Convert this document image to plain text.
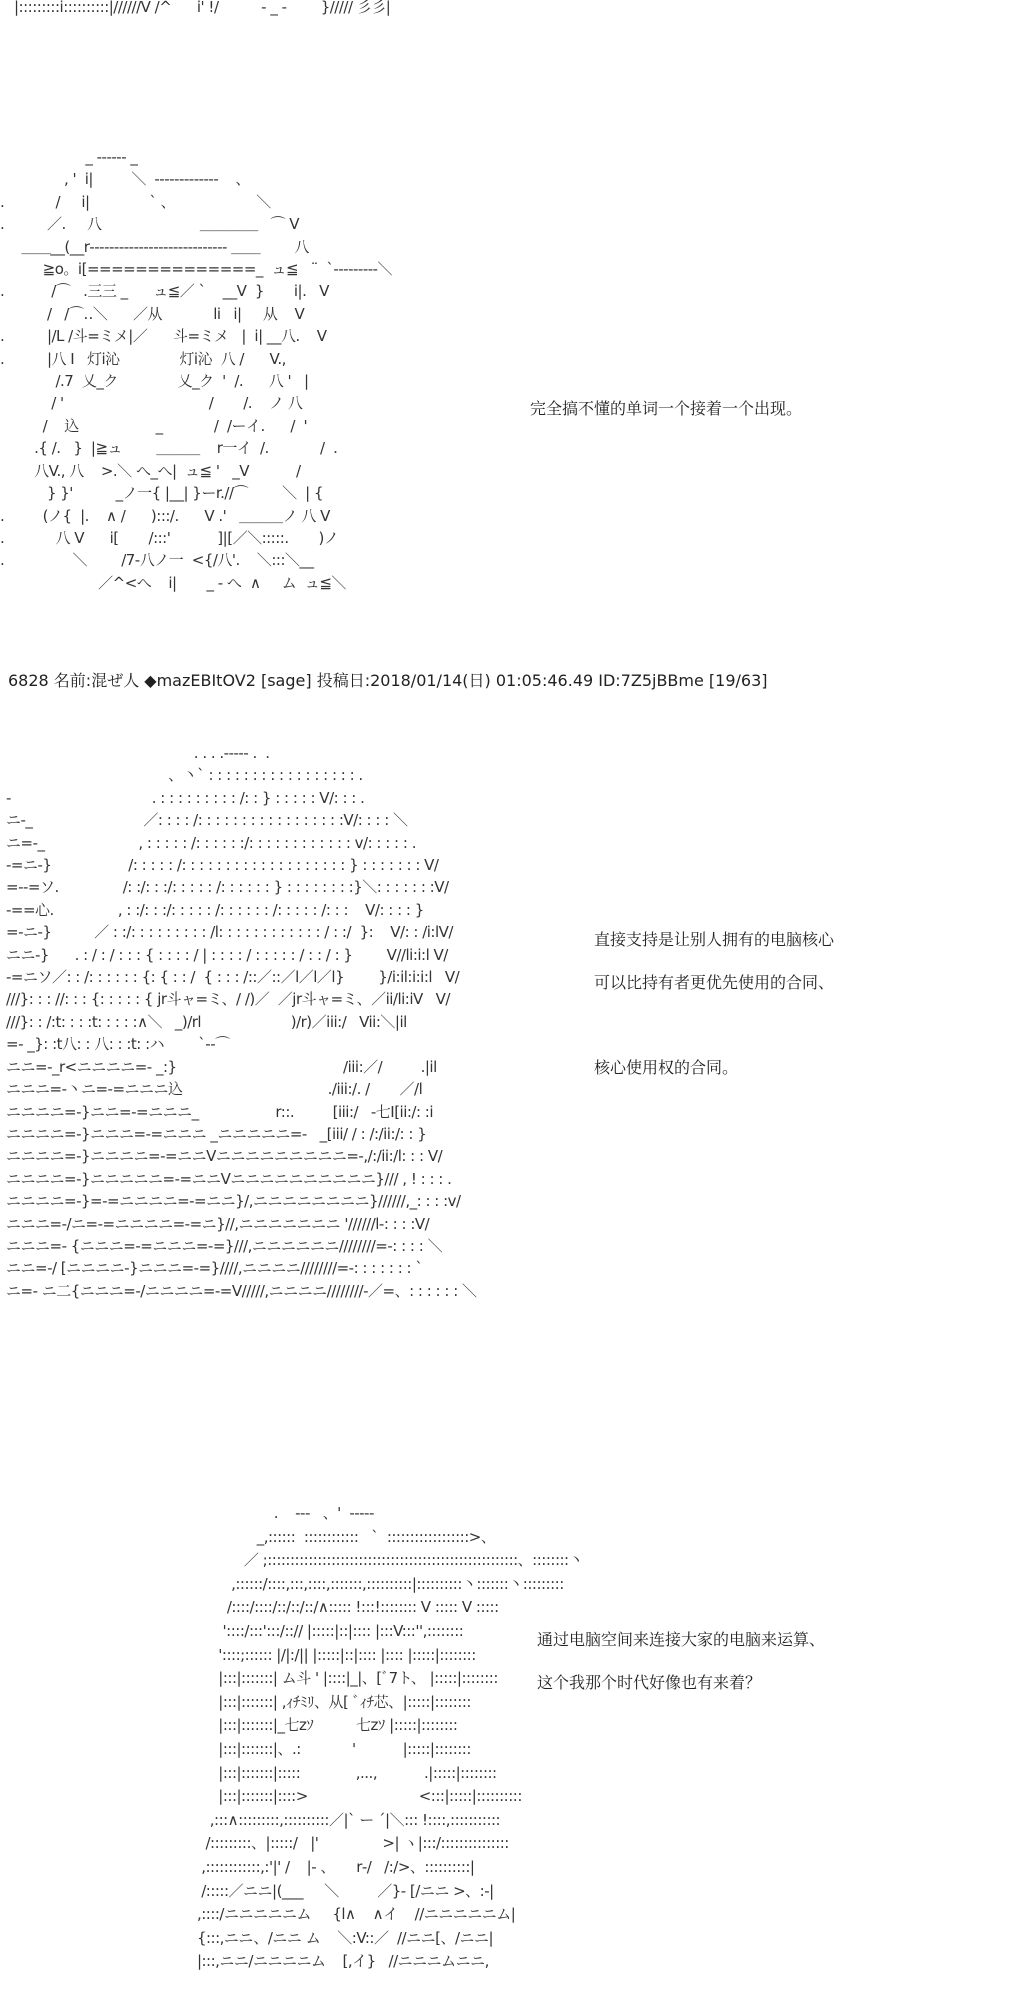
|:::::::::i::::::::::|//////V /^      i' !/          ‐ _ ‐        }///// 彡彡|
_ ‐‐‐‐‐‐ _
, '  i|         ＼  ‐‐‐‐‐‐‐‐‐‐‐‐-    、
.            /     i|              ` 、                   ＼
.          ／.     八                       ＿＿＿＿   ⌒ V
＿＿__(__r‐‐‐‐‐‐‐‐‐‐‐‐‐‐‐‐‐‐‐‐‐‐‐‐‐‐‐‐ ＿＿        八
≧o。i[==============_  ュ≦   ¨  `‐‐‐‐‐‐‐‐‐＼
.           /⌒   .三三 _      ュ≦／ `    __V  }       i|.   V
/   /⌒‥＼      ／从            li   i|     从    V
.          |/L /斗=ミメ|／      斗=ミメ   |  i| __八.    V
.          |八 I   灯i沁              灯i沁  八 /      V.,
/.7  乂_ク              乂_ク  '  /.      八 '   |
/ '                                  /       /.    ノ 八
/    込                  _            /  /ーイ.      /  '
.{ /.   }  |≧ュ        ＿＿＿    r一イ  /.            /  .
八V., 八    >.＼ へ_へ|  ュ≦ '   _V           /
} }'          _ノ一{ |__| }ーr.//⌒        ＼  | {
.         (ノ{  |.    ∧ /      ):::/.      V .'   ＿＿＿ノ 八 V
.            八 V      i[       /:::'           ]|[／＼:::::.       )ノ
.                ＼        /7-八ノ一  <{/八'.    ＼:::＼__
／^<へ    i|       _ ‐ へ  ∧     ム  ュ≦＼
完全搞不懂的单词一个接着一个出现。
6828 名前:混ぜ人 ◆mazEBItOV2 [sage] 投稿日:2018/01/14(日) 01:05:46.49 ID:7Z5jBBme [19/63]
. . . .‐‐‐‐- .  .
、丶` : : : : : : : : : : : : : : : : : .
‐                                 . : : : : : : : : : /: : } : : : : : V/: : : .
ニ‐_                          ／: : : : /: : : : : : : : : : : : : : : : :V/: : : : ＼
ニ=‐_                      , : : : : : /: : : : : :/: : : : : : : : : : : : v/: : : : : .
‐=ニ‐}                  /: : : : : /: : : : : : : : : : : : : : : : : : : } : : : : : : : V/
=‐‐=ソ.               /: :/: : :/: : : : : /: : : : : : } : : : : : : : :}＼: : : : : : :V/
‐==心.               , : :/: : :/: : : : : /: : : : : : /: : : : : /: : :    V/: : : : }
=‐ニ‐}          ／ : :/: : : : : : : : : /l: : : : : : : : : : : : / : :/  }:    V/: : /i:lV/
ニニ‐}      . : / : / : : : { : : : : / | : : : : / : : : : : / : : / : }        V//li:i:l V/
‐=ニソ／: : /: : : : : : {: { : : /  { : : : /::／::／l／l／l}        }/i:il:i:i:l   V/
///}: : : //: : : {: : : : : { jr斗ャ=ミ、/ /)／  ／jr斗ャ=ミ、／ii/li:iV   V/
///}: : /:t: : : :t: : : : :∧＼   _)/rl                     )/r)／iii:/   Vii:＼|il
=‐ _}: :t八: : 八: : :t: :ハ        `‐‐⌒
ニニ=‐_r<ニニニニ=‐ _:}                                       /iii:／/         .|il
ニニニ=‐丶ニ=‐=ニニニ込                                  ./iii:/. /       ／/l
ニニニニ=‐}ニニ=‐=ニニニ_                  r::.         [iii:/   ‐七I[ii:/: :i
ニニニニ=‐}ニニニ=‐=ニニニ _ニニニニニ=‐   _[iii/ / : /:/ii:/: : }
ニニニニ=‐}ニニニニ=‐=ニニVニニニニニニニニニ=‐,/:/ii:/l: : : V/
ニニニニ=‐}ニニニニニ=‐=ニニVニニニニニニニニニニ}/// , ! : : : .
ニニニニ=‐}=‐=ニニニニ=‐=ニニ}/,ニニニニニニニニ}//////,_: : : :v/
ニニニ=‐/ニ=‐=ニニニニ=‐=ニ}//,ニニニニニニニ '//////l‐: : : :V/
ニニニ=‐ {ニニニ=‐=ニニニ=‐=}///,ニニニニニニ////////=‐: : : : ＼
ニニ=‐/ [ニニニニ‐}ニニニ=‐=}////,ニニニニ////////=‐: : : : : : : `
ニ=‐ ニ二{ニニニ=‐/ニニニニ=‐=V/////,ニニニニ////////‐／=、: : : : : : ＼
直接支持是让别人拥有的电脑核心
可以比持有者更优先使用的合同、
核心使用权的合同。
.    ‐‐‐   、'  ‐‐‐‐‐
_,::::::  ::::::::::::   `  ::::::::::::::::::>、
／ ;:::::::::::::::::::::::::::::::::::::::::::::::::::::::、::::::::丶
,::::::/::::,:::,::::,:::::::,::::::::::|::::::::::丶:::::::丶:::::::::
/::::/::::/::/::/::/∧::::: !:::!:::::::: V ::::: V :::::
'::::/:::':::/::// |:::::|::|:::: |:::V:::'',::::::::
'::::;:::::: |/|:/|| |:::::|::|:::: |:::: |:::::|::::::::
|:::|:::::::| ム斗 ' |::::|_|、[ﾞ7ト、 |:::::|::::::::
|:::|:::::::| ,ｨﾁﾐﾘ、从[ ﾞｨﾁ芯、|:::::|::::::::
|:::|:::::::|_七zｿ          七zｿ |:::::|::::::::
|:::|:::::::|、.:            '           |:::::|::::::::
|:::|:::::::|:::::             ,...,           .|:::::|::::::::
|:::|:::::::|::::>                          <:::|:::::|::::::::::
,:::∧:::::::::,::::::::::／|` ー ´|＼::: !::::,:::::::::::
/:::::::::、|:::::/   |'               >| ヽ|:::/:::::::::::::::
,::::::::::::,:'|' /    |‐ 、     r‐/   /:/>、::::::::::|
/:::::／ニニ|(___     ＼         ／}‐ [/ニニ >、:‐|
,::::/ニニニニニム     {l∧    ∧イ    //ニニニニニム|
{:::,ニニ、/ニニ ム    ＼:V::／  //ニニ[、/ニニ|
|:::,ニニ/ニニニニム    [,イ}   //ニニニムニニ,
通过电脑空间来连接大家的电脑来运算、
这个我那个时代好像也有来着？
